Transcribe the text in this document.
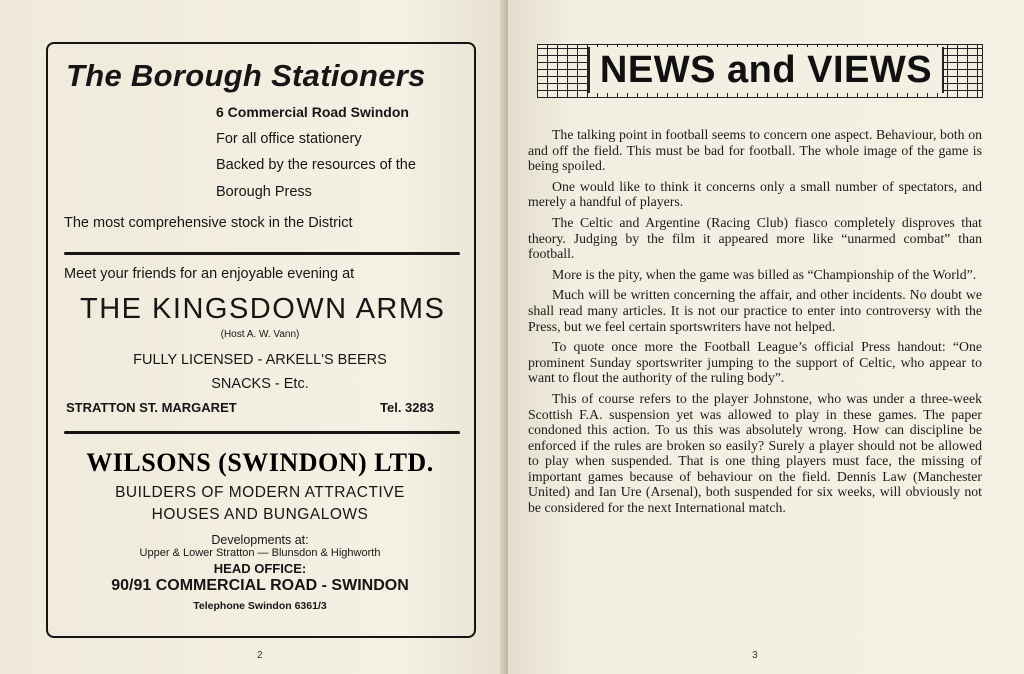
The Borough Stationers
6 Commercial Road Swindon
For all office stationery
Backed by the resources of the
Borough Press
The most comprehensive stock in the District
Meet your friends for an enjoyable evening at
THE KINGSDOWN ARMS
(Host A. W. Vann)
FULLY LICENSED - ARKELL'S BEERS
SNACKS - Etc.
STRATTON ST. MARGARET	Tel. 3283
WILSONS (SWINDON) LTD.
BUILDERS OF MODERN ATTRACTIVE
HOUSES AND BUNGALOWS
Developments at:
Upper & Lower Stratton — Blunsdon & Highworth
HEAD OFFICE:
90/91 COMMERCIAL ROAD - SWINDON
Telephone Swindon 6361/3
2	3
NEWS and VIEWS

The talking point in football seems to concern one aspect. Behaviour, both on and off the field. This must be bad for football. The whole image of the game is being spoiled.

One would like to think it concerns only a small number of spectators, and merely a handful of players.

The Celtic and Argentine (Racing Club) fiasco completely disproves that theory. Judging by the film it appeared more like “unarmed combat” than football.

More is the pity, when the game was billed as “Championship of the World”.

Much will be written concerning the affair, and other incidents. No doubt we shall read many articles. It is not our practice to enter into controversy with the Press, but we feel certain sportswriters have not helped.

To quote once more the Football League’s official Press handout: “One prominent Sunday sportswriter jumping to the support of Celtic, who appear to want to flout the authority of the ruling body”.

This of course refers to the player Johnstone, who was under a three-week Scottish F.A. suspension yet was allowed to play in these games. The paper condoned this action. To us this was absolutely wrong. How can discipline be enforced if the rules are broken so easily? Surely a player should not be allowed to play when suspended. That is one thing players must face, the missing of important games because of behaviour on the field. Dennis Law (Manchester United) and Ian Ure (Arsenal), both suspended for six weeks, will obviously not be considered for the next International match.
